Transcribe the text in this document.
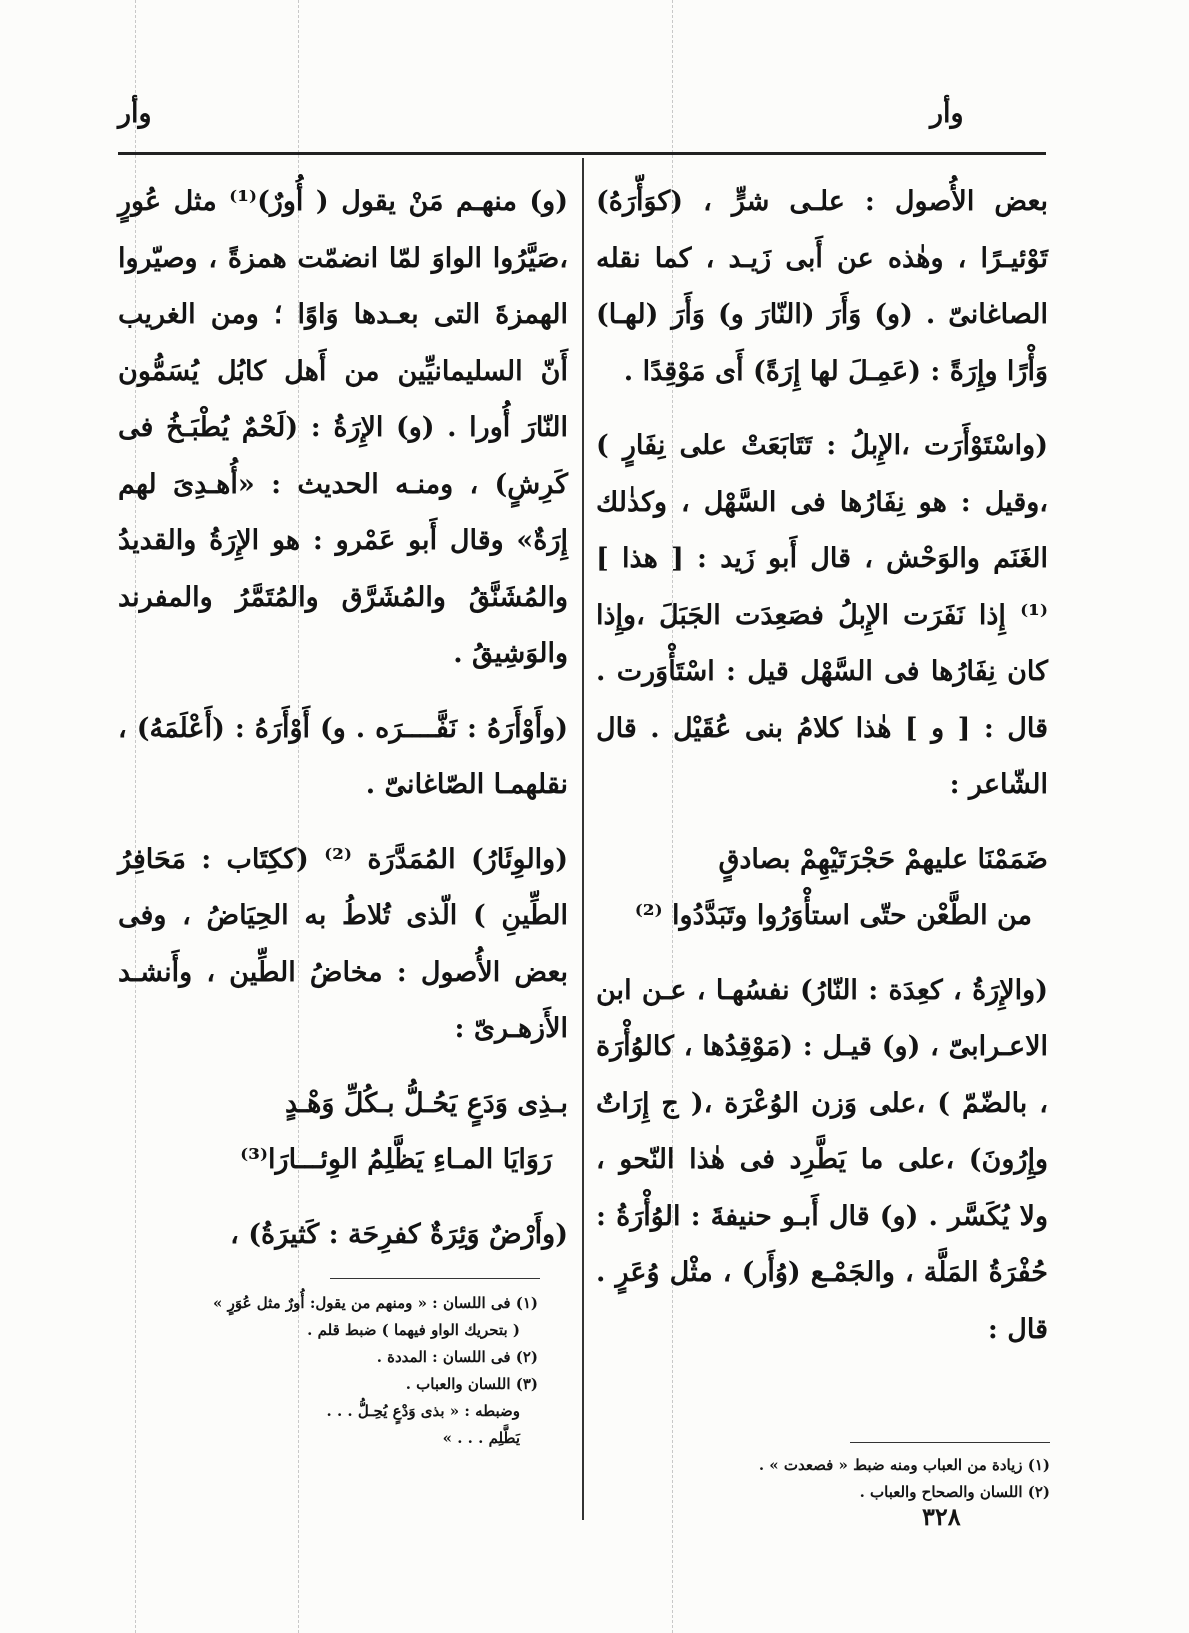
وأر	وأر

بعض الأُصول : علـى شرٍّ ، (كوَأّرَهُ) تَوْئيـرًا ، وهٰذه عن أَبى زَيـد ، كما نقله الصاغانىّ . (و) وَأَرَ (النّارَ و) وَأَرَ (لهـا) وَأْرًا وإِرَةً : (عَمِـلَ لها إِرَةً) أَى مَوْقِدًا .

(واسْتَوْأَرَت ،الإِبلُ : تَتَابَعَتْ على نِفَارٍ ) ،وقيل : هو نِفَارُها فى السَّهْل ، وكذٰلك الغَنَم والوَحْش ، قال أَبو زَيد : [ هذا ] ⁽¹⁾ إِذا نَفَرَت الإِبلُ فصَعِدَت الجَبَلَ ،وإِذا كان نِفَارُها فى السَّهْل قيل : اسْتَأْوَرت . قال : [ و ] هٰذا كلامُ بنى عُقَيْل . قال الشّاعر :

ضَمَمْنَا عليهمْ حَجْرَتَيْهِمْ بصادقٍ
من الطَّعْن حتّى استأْوَرُوا وتَبَدَّدُوا ⁽²⁾

(والإِرَةُ ، كعِدَة : النّارُ) نفسُهـا ، عـن ابن الاعـرابىّ ، (و) قيـل : (مَوْقِدُها ، كالوُأْرَة ، بالضّمّ ) ،على وَزن الوُعْرَة ،( ج إِرَاتٌ وإِرُونَ) ،على ما يَطَّرِد فى هٰذا النّحو ، ولا يُكَسَّر . (و) قال أَبـو حنيفةَ : الوُأْرَةُ : حُفْرَةُ المَلَّة ، والجَمْـع (وُأَر) ، مثْل وُعَرٍ . قال :

(و) منهـم مَنْ يقول ( أُورٌ)⁽¹⁾ مثل عُورٍ ،صَيَّرُوا الواوَ لمّا انضمّت همزةً ، وصيّروا الهمزةَ التى بعـدها وَاوًا ؛ ومن الغريب أَنّ السليمانيِّين من أَهل كابُل يُسَمُّون النّارَ أُورا . (و) الإِرَةُ : (لَحْمٌ يُطْبَـخُ فى كَرِشٍ) ، ومنـه الحديث : «أُهـدِىَ لهم إِرَةٌ» وقال أَبو عَمْرو : هو الإِرَةُ والقديدُ والمُشَنَّقُ والمُشَرَّق والمُتَمَّرُ والمفرند والوَشِيقُ .

(وأَوْأَرَهُ : نَفَّــــرَه . و) أَوْأَرَهُ : (أَعْلَمَهُ) ، نقلهمـا الصّاغانىّ .

(والوِئَارُ) المُمَدَّرَة ⁽²⁾ (ككِتَاب : مَحَافِرُ الطِّينِ ) الّذى تُلاطُ به الحِيَاضُ ، وفى بعض الأُصول : مخاضُ الطِّين ، وأَنشـد الأَزهـرىّ :

بـذِى وَدَعٍ يَحُـلُّ بـكُلِّ وَهْـدٍ
رَوَايَا المـاءِ يَظَّلِمُ الوِئـــارَا⁽³⁾

(وأَرْضٌ وَئِرَةٌ كفرِحَة : كَثيرَةُ) ،

(١) فى اللسان : « ومنهم من يقول: أُورٌ مثل عُوَرٍ »
( بتحريك الواو فيهما ) ضبط قلم .
(٢) فى اللسان : المددة .
(٣) اللسان والعباب .
وضبطه : « بذى وَدْعٍ يُحِـلُّ . . .
يَطَّلِم . . . »
(١) زيادة من العباب ومنه ضبط « فصعدت » .
(٢) اللسان والصحاح والعباب .
٣٢٨
